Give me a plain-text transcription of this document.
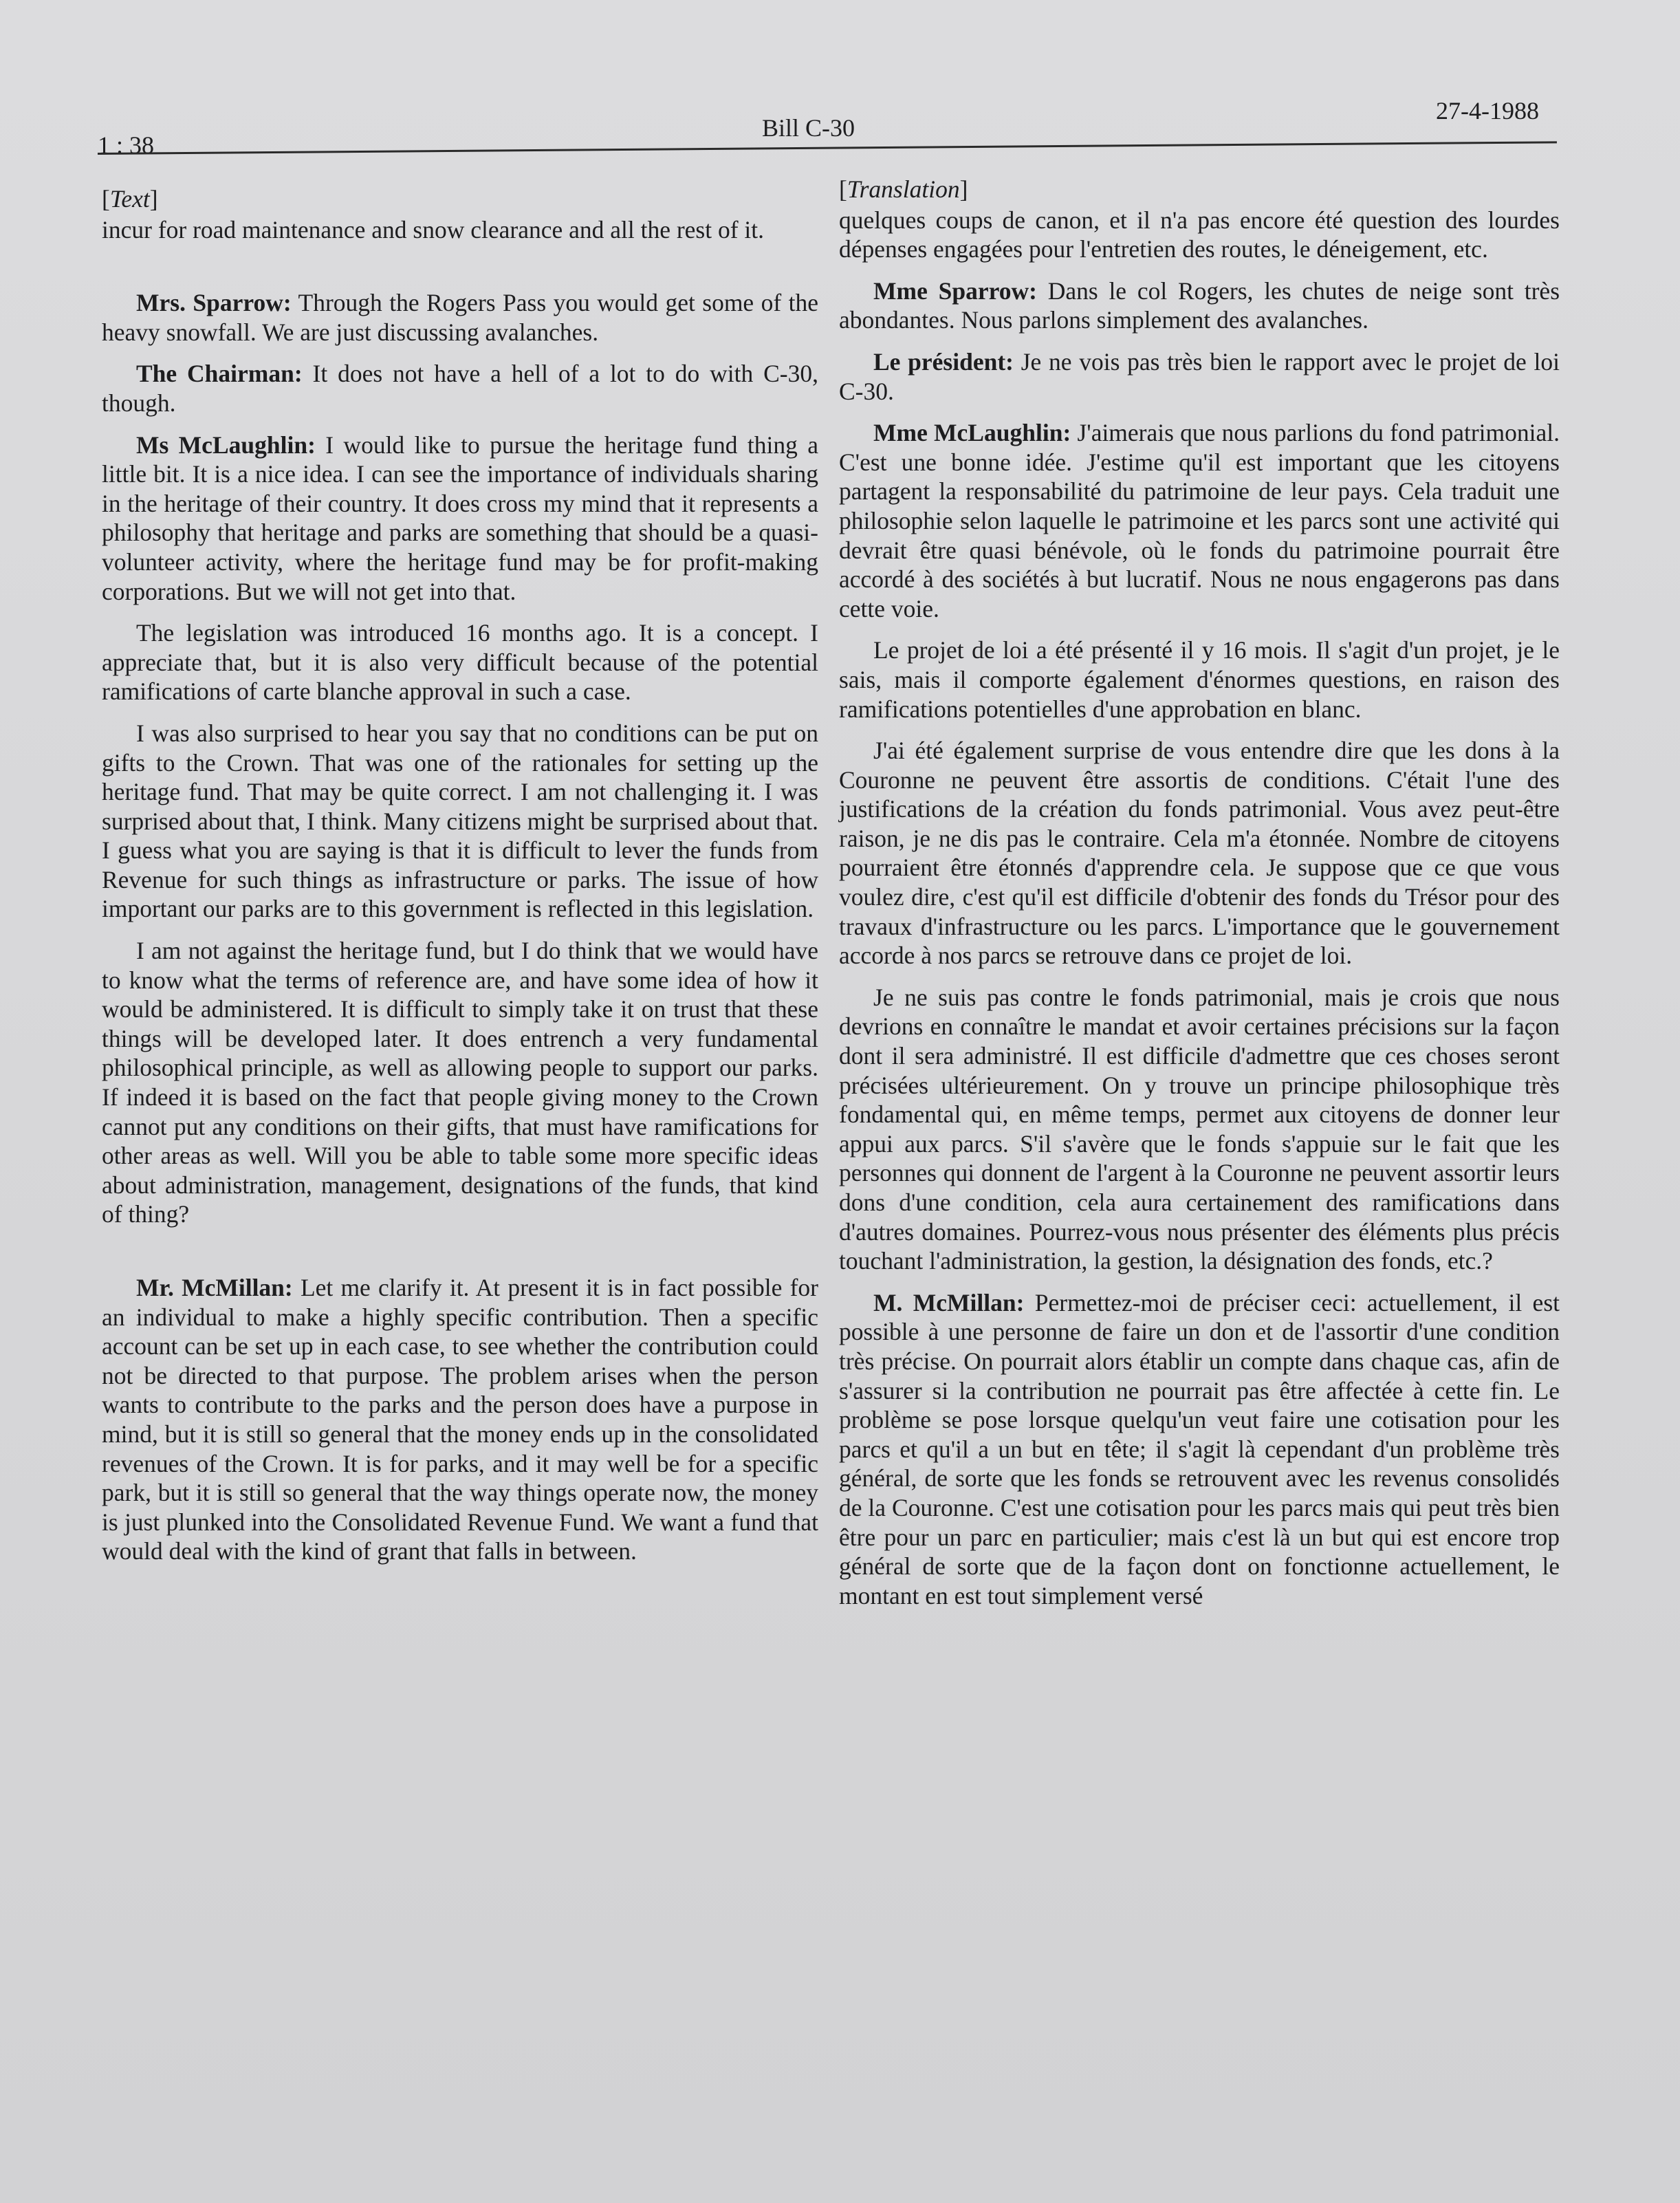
1 : 38
Bill C-30
27-4-1988
[Text]

incur for road maintenance and snow clearance and all the rest of it.

Mrs. Sparrow: Through the Rogers Pass you would get some of the heavy snowfall. We are just discussing avalanches.

The Chairman: It does not have a hell of a lot to do with C-30, though.

Ms McLaughlin: I would like to pursue the heritage fund thing a little bit. It is a nice idea. I can see the importance of individuals sharing in the heritage of their country. It does cross my mind that it represents a philosophy that heritage and parks are something that should be a quasi-volunteer activity, where the heritage fund may be for profit-making corporations. But we will not get into that.

The legislation was introduced 16 months ago. It is a concept. I appreciate that, but it is also very difficult because of the potential ramifications of carte blanche approval in such a case.

I was also surprised to hear you say that no conditions can be put on gifts to the Crown. That was one of the rationales for setting up the heritage fund. That may be quite correct. I am not challenging it. I was surprised about that, I think. Many citizens might be surprised about that. I guess what you are saying is that it is difficult to lever the funds from Revenue for such things as infrastructure or parks. The issue of how important our parks are to this government is reflected in this legislation.

I am not against the heritage fund, but I do think that we would have to know what the terms of reference are, and have some idea of how it would be administered. It is difficult to simply take it on trust that these things will be developed later. It does entrench a very fundamental philosophical principle, as well as allowing people to support our parks. If indeed it is based on the fact that people giving money to the Crown cannot put any conditions on their gifts, that must have ramifications for other areas as well. Will you be able to table some more specific ideas about administration, management, designations of the funds, that kind of thing?

Mr. McMillan: Let me clarify it. At present it is in fact possible for an individual to make a highly specific contribution. Then a specific account can be set up in each case, to see whether the contribution could not be directed to that purpose. The problem arises when the person wants to contribute to the parks and the person does have a purpose in mind, but it is still so general that the money ends up in the consolidated revenues of the Crown. It is for parks, and it may well be for a specific park, but it is still so general that the way things operate now, the money is just plunked into the Consolidated Revenue Fund. We want a fund that would deal with the kind of grant that falls in between.

[Translation]

quelques coups de canon, et il n'a pas encore été question des lourdes dépenses engagées pour l'entretien des routes, le déneigement, etc.

Mme Sparrow: Dans le col Rogers, les chutes de neige sont très abondantes. Nous parlons simplement des avalanches.

Le président: Je ne vois pas très bien le rapport avec le projet de loi C-30.

Mme McLaughlin: J'aimerais que nous parlions du fond patrimonial. C'est une bonne idée. J'estime qu'il est important que les citoyens partagent la responsabilité du patrimoine de leur pays. Cela traduit une philosophie selon laquelle le patrimoine et les parcs sont une activité qui devrait être quasi bénévole, où le fonds du patrimoine pourrait être accordé à des sociétés à but lucratif. Nous ne nous engagerons pas dans cette voie.

Le projet de loi a été présenté il y 16 mois. Il s'agit d'un projet, je le sais, mais il comporte également d'énormes questions, en raison des ramifications potentielles d'une approbation en blanc.

J'ai été également surprise de vous entendre dire que les dons à la Couronne ne peuvent être assortis de conditions. C'était l'une des justifications de la création du fonds patrimonial. Vous avez peut-être raison, je ne dis pas le contraire. Cela m'a étonnée. Nombre de citoyens pourraient être étonnés d'apprendre cela. Je suppose que ce que vous voulez dire, c'est qu'il est difficile d'obtenir des fonds du Trésor pour des travaux d'infrastructure ou les parcs. L'importance que le gouvernement accorde à nos parcs se retrouve dans ce projet de loi.

Je ne suis pas contre le fonds patrimonial, mais je crois que nous devrions en connaître le mandat et avoir certaines précisions sur la façon dont il sera administré. Il est difficile d'admettre que ces choses seront précisées ultérieurement. On y trouve un principe philosophique très fondamental qui, en même temps, permet aux citoyens de donner leur appui aux parcs. S'il s'avère que le fonds s'appuie sur le fait que les personnes qui donnent de l'argent à la Couronne ne peuvent assortir leurs dons d'une condition, cela aura certainement des ramifications dans d'autres domaines. Pourrez-vous nous présenter des éléments plus précis touchant l'administration, la gestion, la désignation des fonds, etc.?

M. McMillan: Permettez-moi de préciser ceci: actuellement, il est possible à une personne de faire un don et de l'assortir d'une condition très précise. On pourrait alors établir un compte dans chaque cas, afin de s'assurer si la contribution ne pourrait pas être affectée à cette fin. Le problème se pose lorsque quelqu'un veut faire une cotisation pour les parcs et qu'il a un but en tête; il s'agit là cependant d'un problème très général, de sorte que les fonds se retrouvent avec les revenus consolidés de la Couronne. C'est une cotisation pour les parcs mais qui peut très bien être pour un parc en particulier; mais c'est là un but qui est encore trop général de sorte que de la façon dont on fonctionne actuellement, le montant en est tout simplement versé
